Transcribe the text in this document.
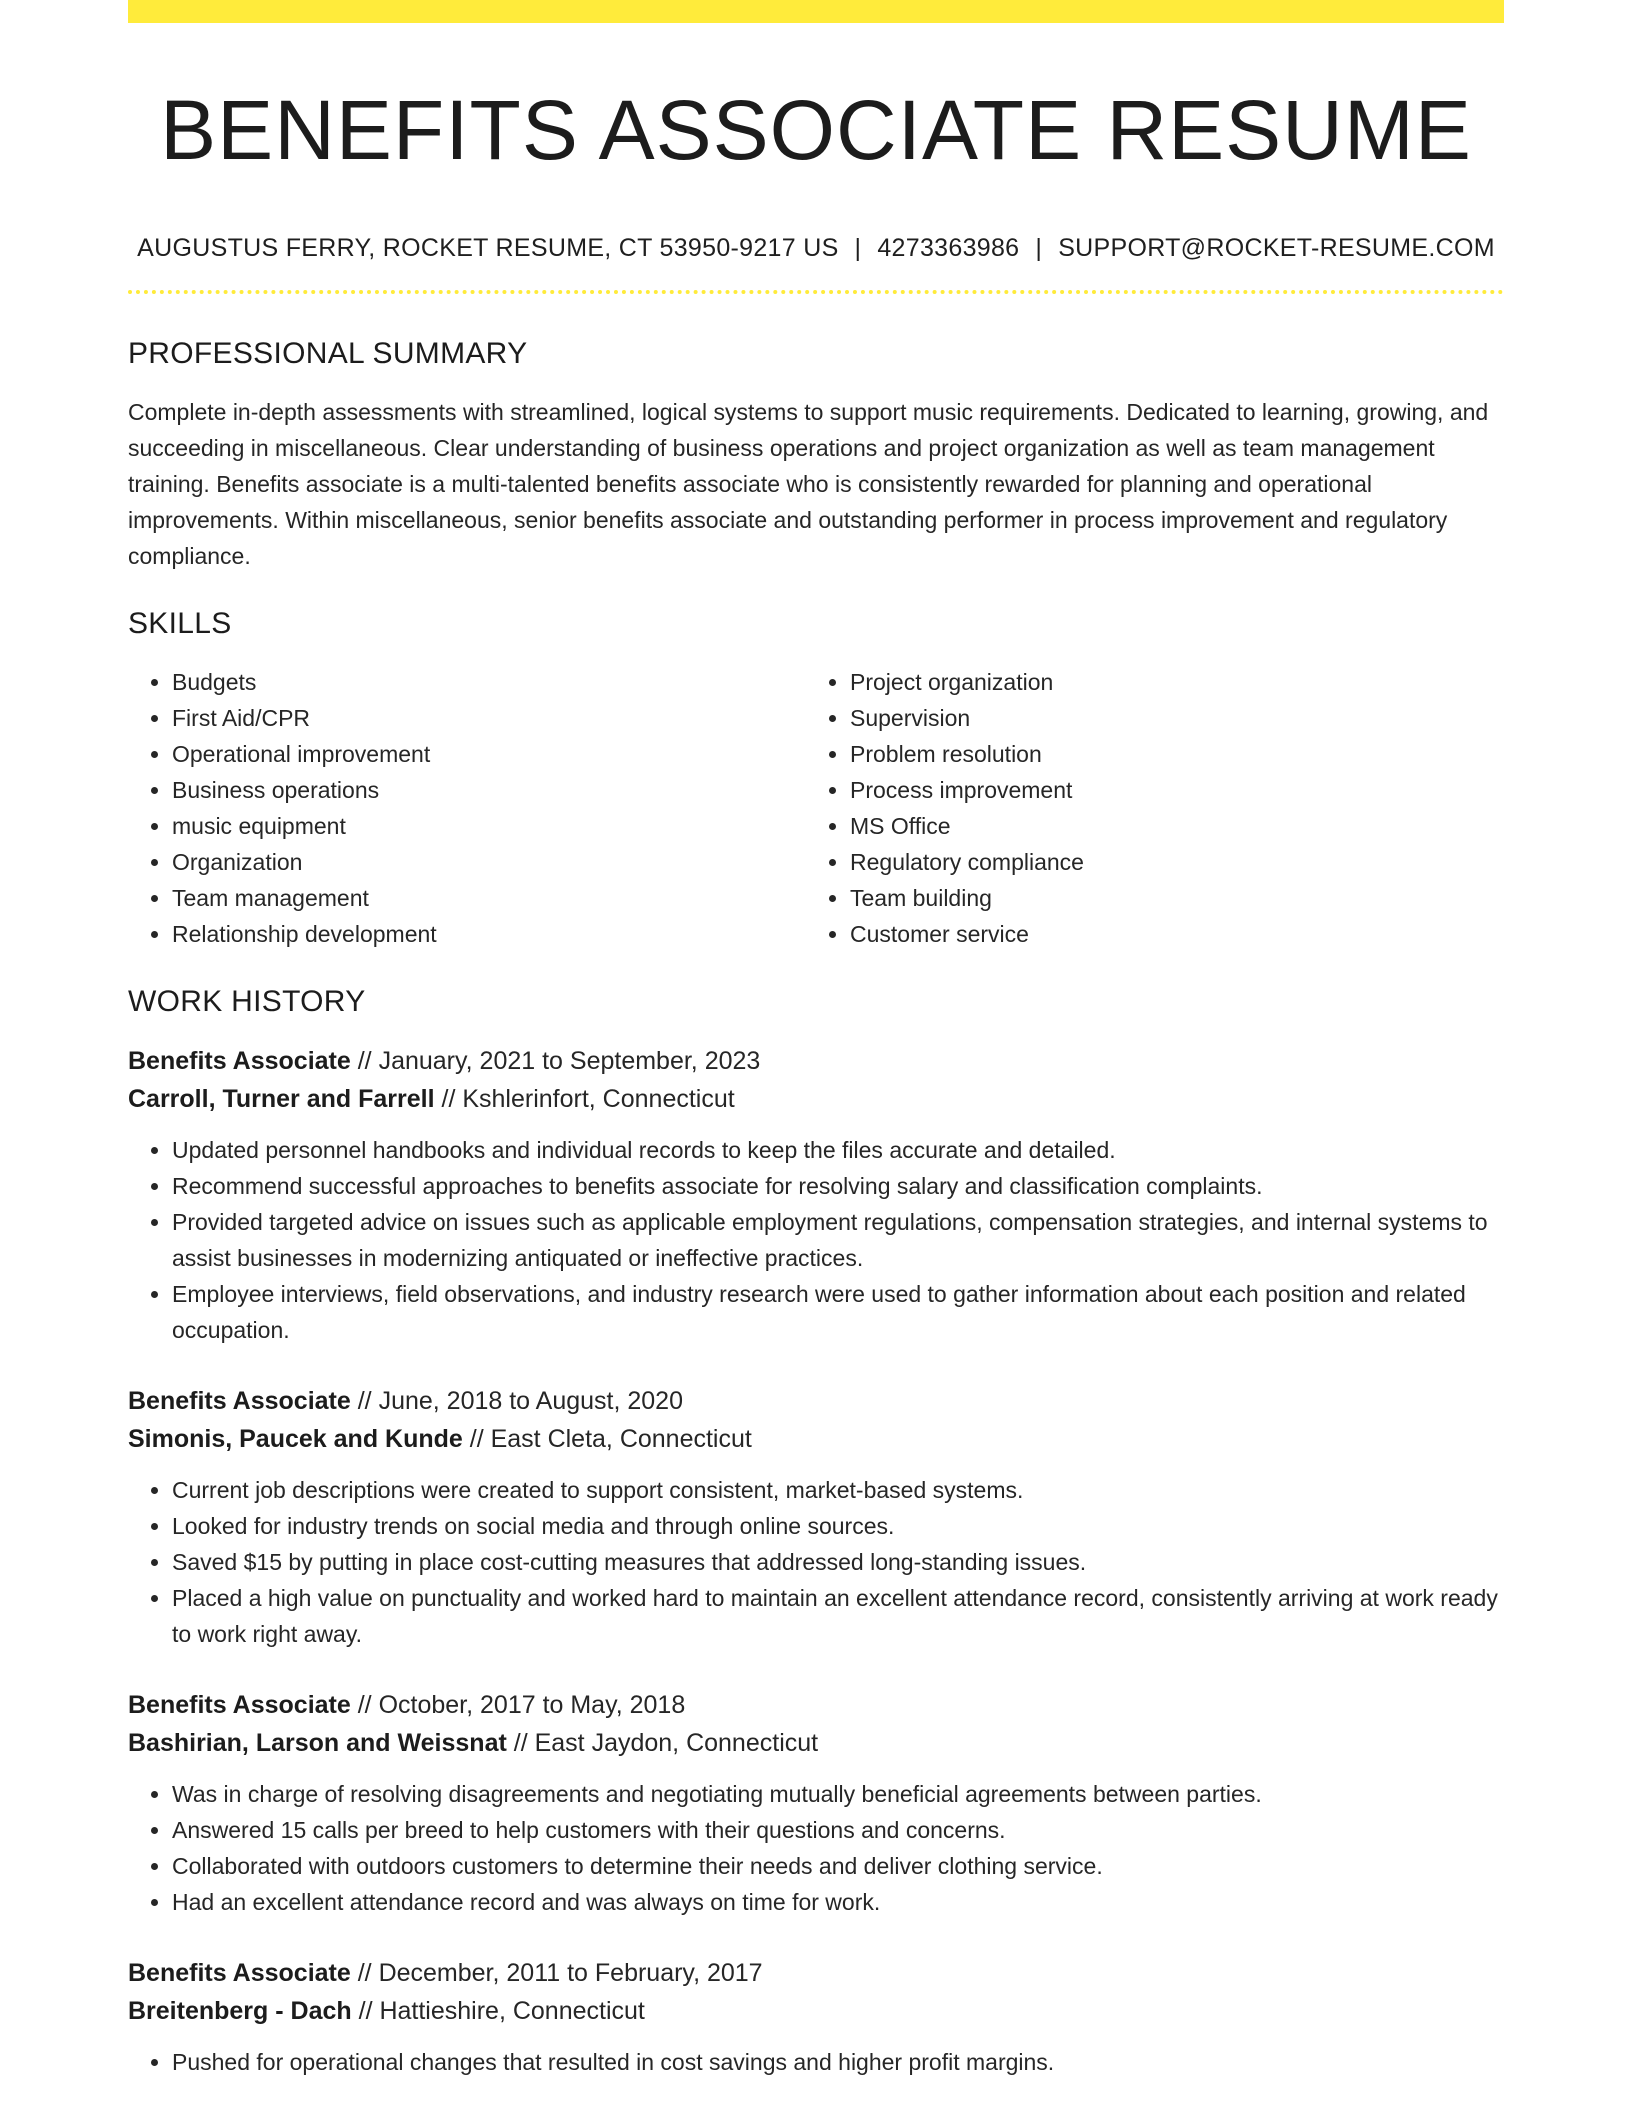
BENEFITS ASSOCIATE RESUME
AUGUSTUS FERRY, ROCKET RESUME, CT 53950-9217 US | 4273363986 | SUPPORT@ROCKET-RESUME.COM
PROFESSIONAL SUMMARY
Complete in-depth assessments with streamlined, logical systems to support music requirements. Dedicated to learning, growing, and succeeding in miscellaneous. Clear understanding of business operations and project organization as well as team management training. Benefits associate is a multi-talented benefits associate who is consistently rewarded for planning and operational improvements. Within miscellaneous, senior benefits associate and outstanding performer in process improvement and regulatory compliance.
SKILLS
• Budgets
• First Aid/CPR
• Operational improvement
• Business operations
• music equipment
• Organization
• Team management
• Relationship development
• Project organization
• Supervision
• Problem resolution
• Process improvement
• MS Office
• Regulatory compliance
• Team building
• Customer service
WORK HISTORY
Benefits Associate // January, 2021 to September, 2023
Carroll, Turner and Farrell // Kshlerinfort, Connecticut
• Updated personnel handbooks and individual records to keep the files accurate and detailed.
• Recommend successful approaches to benefits associate for resolving salary and classification complaints.
• Provided targeted advice on issues such as applicable employment regulations, compensation strategies, and internal systems to assist businesses in modernizing antiquated or ineffective practices.
• Employee interviews, field observations, and industry research were used to gather information about each position and related occupation.
Benefits Associate // June, 2018 to August, 2020
Simonis, Paucek and Kunde // East Cleta, Connecticut
• Current job descriptions were created to support consistent, market-based systems.
• Looked for industry trends on social media and through online sources.
• Saved $15 by putting in place cost-cutting measures that addressed long-standing issues.
• Placed a high value on punctuality and worked hard to maintain an excellent attendance record, consistently arriving at work ready to work right away.
Benefits Associate // October, 2017 to May, 2018
Bashirian, Larson and Weissnat // East Jaydon, Connecticut
• Was in charge of resolving disagreements and negotiating mutually beneficial agreements between parties.
• Answered 15 calls per breed to help customers with their questions and concerns.
• Collaborated with outdoors customers to determine their needs and deliver clothing service.
• Had an excellent attendance record and was always on time for work.
Benefits Associate // December, 2011 to February, 2017
Breitenberg - Dach // Hattieshire, Connecticut
• Pushed for operational changes that resulted in cost savings and higher profit margins.
